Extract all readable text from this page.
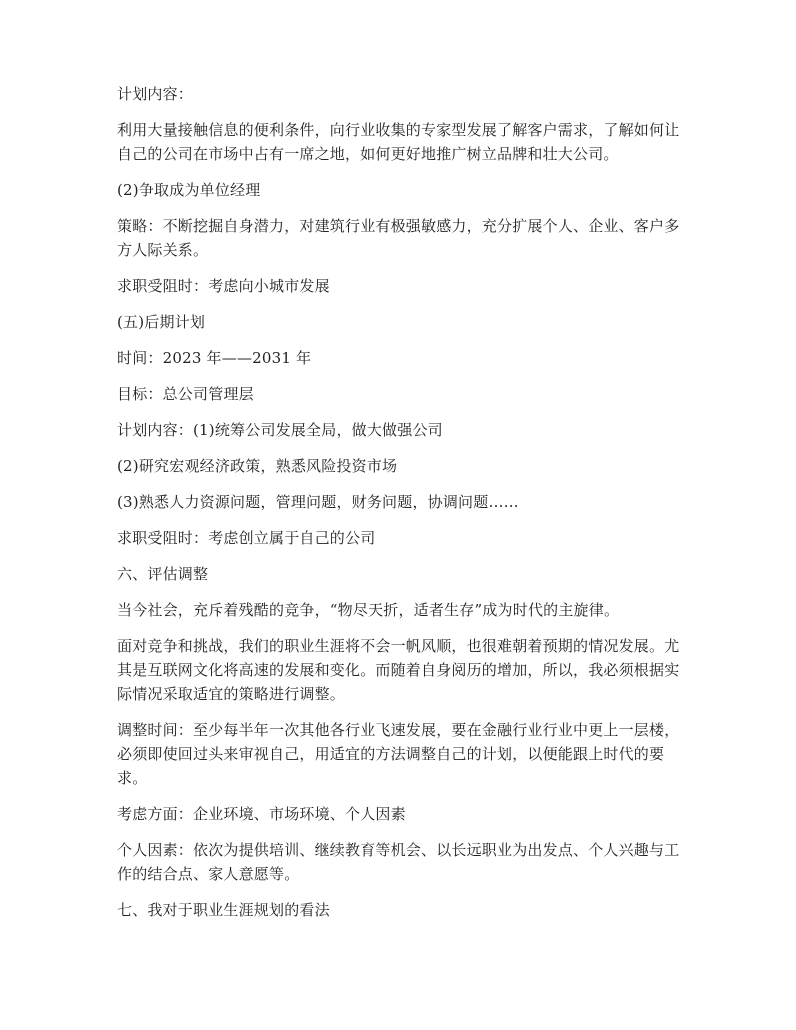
计划内容：

利用大量接触信息的便利条件，向行业收集的专家型发展了解客户需求，了解如何让自己的公司在市场中占有一席之地，如何更好地推广树立品牌和壮大公司。

(2)争取成为单位经理

策略：不断挖掘自身潜力，对建筑行业有极强敏感力，充分扩展个人、企业、客户多方人际关系。

求职受阻时：考虑向小城市发展

(五)后期计划

时间：2023 年——2031 年

目标：总公司管理层

计划内容：(1)统筹公司发展全局，做大做强公司

(2)研究宏观经济政策，熟悉风险投资市场

(3)熟悉人力资源问题，管理问题，财务问题，协调问题……

求职受阻时：考虑创立属于自己的公司

六、评估调整

当今社会，充斥着残酷的竞争，“物尽天折，适者生存”成为时代的主旋律。

面对竞争和挑战，我们的职业生涯将不会一帆风顺，也很难朝着预期的情况发展。尤其是互联网文化将高速的发展和变化。而随着自身阅历的增加，所以，我必须根据实际情况采取适宜的策略进行调整。

调整时间：至少每半年一次其他各行业飞速发展，要在金融行业行业中更上一层楼，必须即使回过头来审视自己，用适宜的方法调整自己的计划，以便能跟上时代的要求。

考虑方面：企业环境、市场环境、个人因素

个人因素：依次为提供培训、继续教育等机会、以长远职业为出发点、个人兴趣与工作的结合点、家人意愿等。

七、我对于职业生涯规划的看法
